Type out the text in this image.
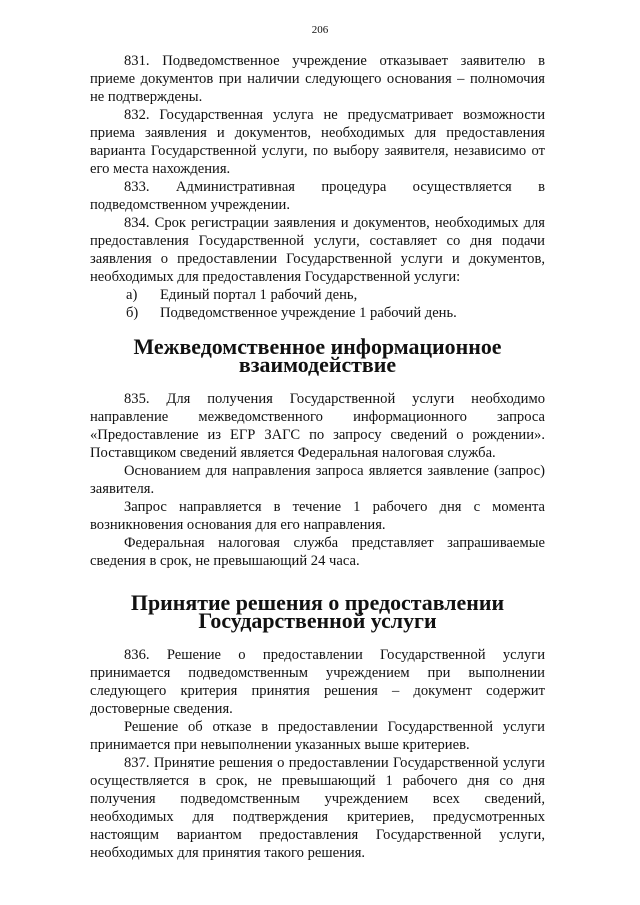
206

831. Подведомственное учреждение отказывает заявителю в приеме документов при наличии следующего основания – полномочия не подтверждены.

832. Государственная услуга не предусматривает возможности приема заявления и документов, необходимых для предоставления варианта Государственной услуги, по выбору заявителя, независимо от его места нахождения.

833. Административная процедура осуществляется в подведомственном учреждении.

834. Срок регистрации заявления и документов, необходимых для предоставления Государственной услуги, составляет со дня подачи заявления о предоставлении Государственной услуги и документов, необходимых для предоставления Государственной услуги:

а)	Единый портал 1 рабочий день,
б)	Подведомственное учреждение 1 рабочий день.
Межведомственное информационное взаимодействие

835. Для получения Государственной услуги необходимо направление межведомственного информационного запроса «Предоставление из ЕГР ЗАГС по запросу сведений о рождении». Поставщиком сведений является Федеральная налоговая служба.

Основанием для направления запроса является заявление (запрос) заявителя.

Запрос направляется в течение 1 рабочего дня с момента возникновения основания для его направления.

Федеральная налоговая служба представляет запрашиваемые сведения в срок, не превышающий 24 часа.

Принятие решения о предоставлении Государственной услуги

836. Решение о предоставлении Государственной услуги принимается подведомственным учреждением при выполнении следующего критерия принятия решения – документ содержит достоверные сведения.

Решение об отказе в предоставлении Государственной услуги принимается при невыполнении указанных выше критериев.

837. Принятие решения о предоставлении Государственной услуги осуществляется в срок, не превышающий 1 рабочего дня со дня получения подведомственным учреждением всех сведений, необходимых для подтверждения критериев, предусмотренных настоящим вариантом предоставления Государственной услуги, необходимых для принятия такого решения.
